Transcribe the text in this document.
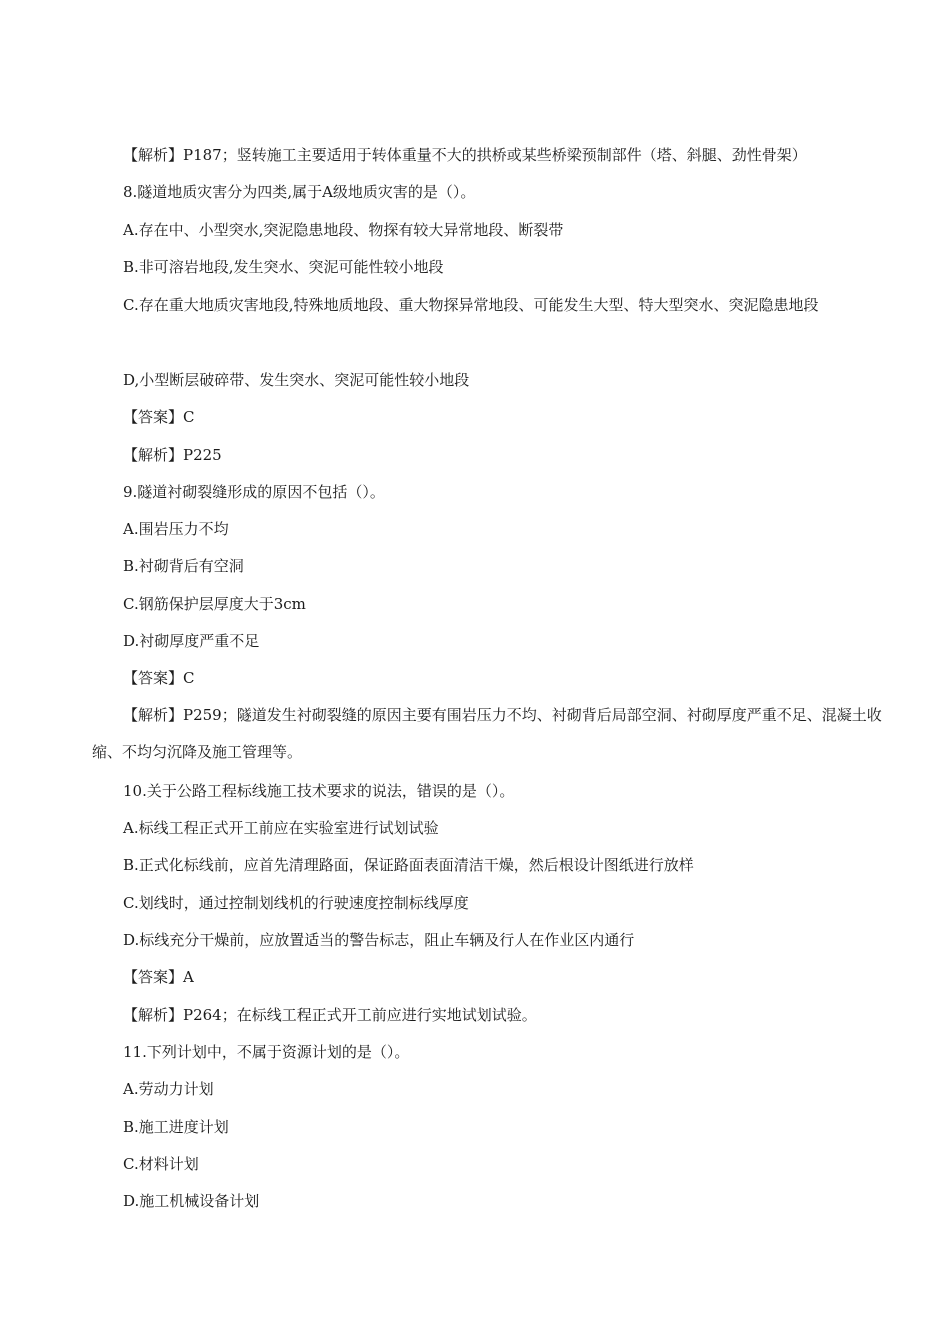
【解析】P187；竖转施工主要适用于转体重量不大的拱桥或某些桥梁预制部件（塔、斜腿、劲性骨架）
8.隧道地质灾害分为四类,属于A级地质灾害的是（）。
A.存在中、小型突水,突泥隐患地段、物探有较大异常地段、断裂带
B.非可溶岩地段,发生突水、突泥可能性较小地段
C.存在重大地质灾害地段,特殊地质地段、重大物探异常地段、可能发生大型、特大型突水、突泥隐患地段
D,小型断层破碎带、发生突水、突泥可能性较小地段
【答案】C
【解析】P225
9.隧道衬砌裂缝形成的原因不包括（）。
A.围岩压力不均
B.衬砌背后有空洞
C.钢筋保护层厚度大于3cm
D.衬砌厚度严重不足
【答案】C
【解析】P259；隧道发生衬砌裂缝的原因主要有围岩压力不均、衬砌背后局部空洞、衬砌厚度严重不足、混凝土收缩、不均匀沉降及施工管理等。
10.关于公路工程标线施工技术要求的说法，错误的是（）。
A.标线工程正式开工前应在实验室进行试划试验
B.正式化标线前，应首先清理路面，保证路面表面清洁干燥，然后根设计图纸进行放样
C.划线时，通过控制划线机的行驶速度控制标线厚度
D.标线充分干燥前，应放置适当的警告标志，阻止车辆及行人在作业区内通行
【答案】A
【解析】P264；在标线工程正式开工前应进行实地试划试验。
11.下列计划中，不属于资源计划的是（）。
A.劳动力计划
B.施工进度计划
C.材料计划
D.施工机械设备计划
